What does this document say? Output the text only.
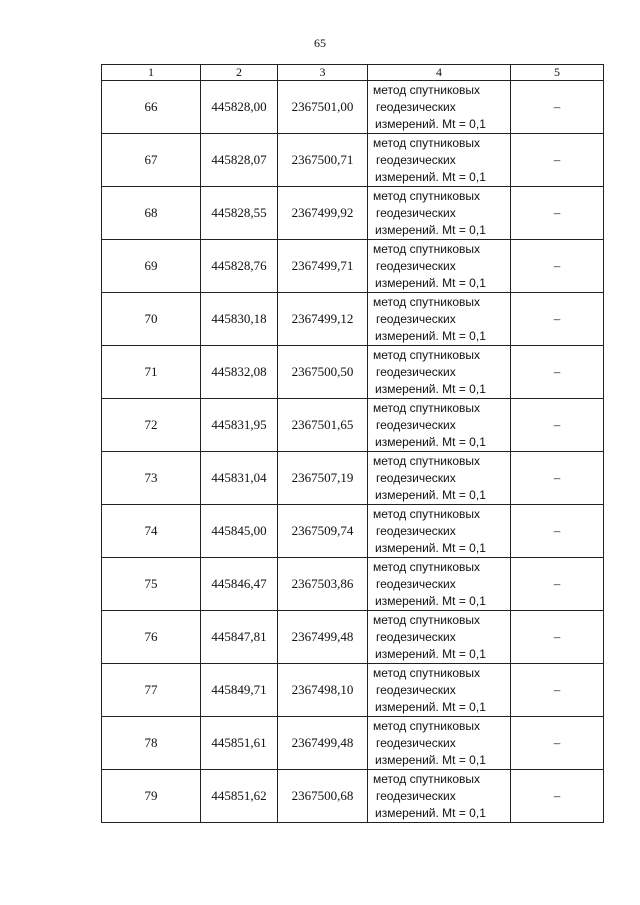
65
1	2	3	4	5
66	445828,00	2367501,00	метод спутниковых
геодезических
измерений. Mt = 0,1	–
67	445828,07	2367500,71	метод спутниковых
геодезических
измерений. Mt = 0,1	–
68	445828,55	2367499,92	метод спутниковых
геодезических
измерений. Mt = 0,1	–
69	445828,76	2367499,71	метод спутниковых
геодезических
измерений. Mt = 0,1	–
70	445830,18	2367499,12	метод спутниковых
геодезических
измерений. Mt = 0,1	–
71	445832,08	2367500,50	метод спутниковых
геодезических
измерений. Mt = 0,1	–
72	445831,95	2367501,65	метод спутниковых
геодезических
измерений. Mt = 0,1	–
73	445831,04	2367507,19	метод спутниковых
геодезических
измерений. Mt = 0,1	–
74	445845,00	2367509,74	метод спутниковых
геодезических
измерений. Mt = 0,1	–
75	445846,47	2367503,86	метод спутниковых
геодезических
измерений. Mt = 0,1	–
76	445847,81	2367499,48	метод спутниковых
геодезических
измерений. Mt = 0,1	–
77	445849,71	2367498,10	метод спутниковых
геодезических
измерений. Mt = 0,1	–
78	445851,61	2367499,48	метод спутниковых
геодезических
измерений. Mt = 0,1	–
79	445851,62	2367500,68	метод спутниковых
геодезических
измерений. Mt = 0,1	–
